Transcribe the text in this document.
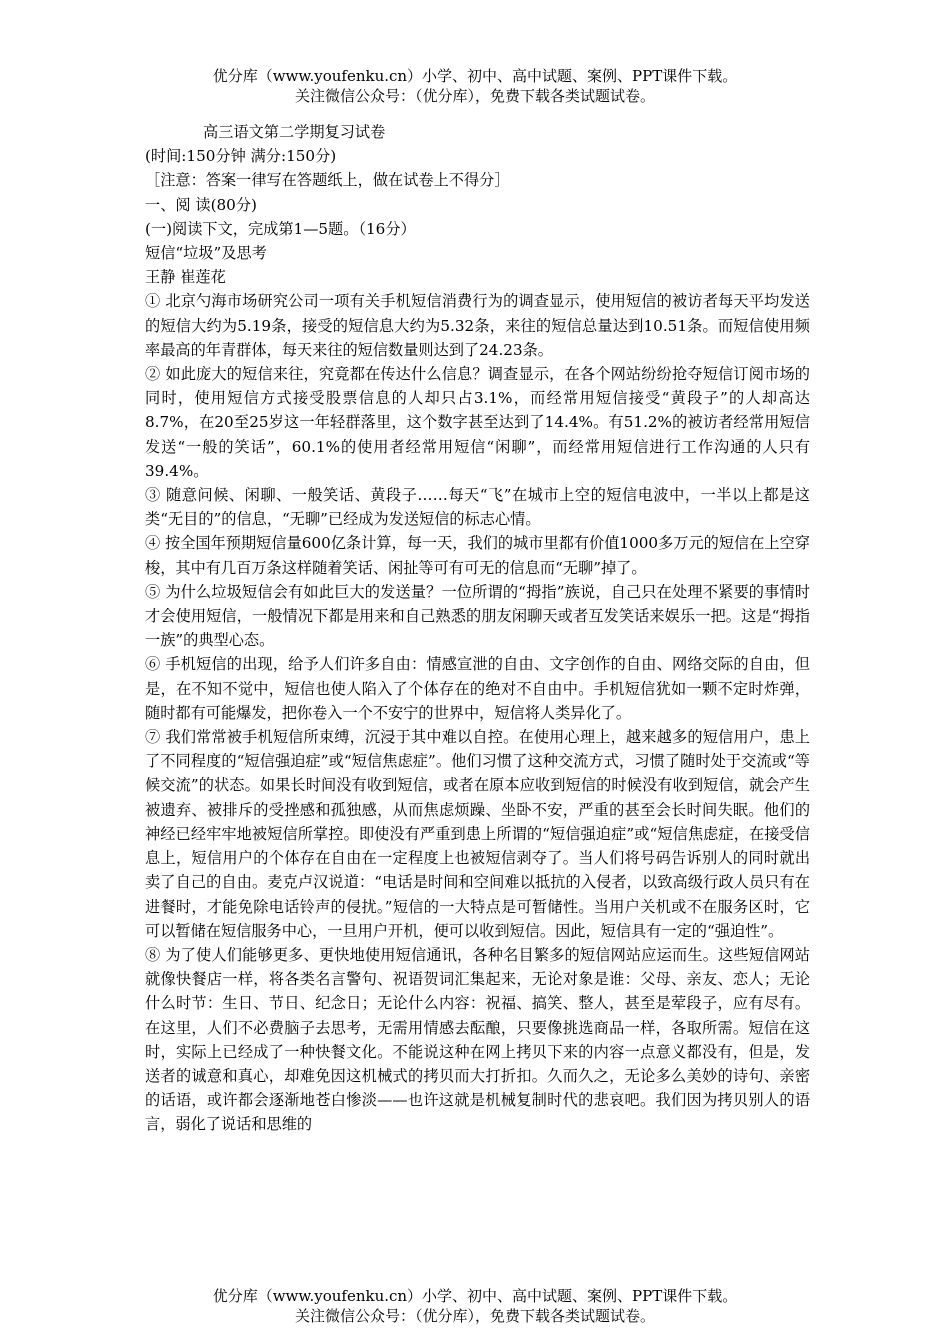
优分库（www.youfenku.cn）小学、初中、高中试题、案例、PPT课件下载。
关注微信公众号：（优分库），免费下载各类试题试卷。

高三语文第二学期复习试卷

(时间:150分钟 满分:150分)

［注意：答案一律写在答题纸上，做在试卷上不得分］

一、阅 读(80分)

(一)阅读下文，完成第1—5题。（16分）

短信“垃圾”及思考

王静 崔莲花

① 北京勺海市场研究公司一项有关手机短信消费行为的调查显示，使用短信的被访者每天平均发送的短信大约为5.19条，接受的短信息大约为5.32条，来往的短信总量达到10.51条。而短信使用频率最高的年青群体，每天来往的短信数量则达到了24.23条。

② 如此庞大的短信来往，究竟都在传达什么信息？调查显示，在各个网站纷纷抢夺短信订阅市场的同时，使用短信方式接受股票信息的人却只占3.1%，而经常用短信接受“黄段子”的人却高达8.7%，在20至25岁这一年轻群落里，这个数字甚至达到了14.4%。有51.2%的被访者经常用短信发送“一般的笑话”，60.1%的使用者经常用短信“闲聊”，而经常用短信进行工作沟通的人只有39.4%。

③ 随意问候、闲聊、一般笑话、黄段子……每天“飞”在城市上空的短信电波中，一半以上都是这类“无目的”的信息，“无聊”已经成为发送短信的标志心情。

④ 按全国年预期短信量600亿条计算，每一天，我们的城市里都有价值1000多万元的短信在上空穿梭，其中有几百万条这样随着笑话、闲扯等可有可无的信息而“无聊”掉了。

⑤ 为什么垃圾短信会有如此巨大的发送量？一位所谓的“拇指”族说，自己只在处理不紧要的事情时才会使用短信，一般情况下都是用来和自己熟悉的朋友闲聊天或者互发笑话来娱乐一把。这是“拇指一族”的典型心态。

⑥ 手机短信的出现，给予人们许多自由：情感宣泄的自由、文字创作的自由、网络交际的自由，但是，在不知不觉中，短信也使人陷入了个体存在的绝对不自由中。手机短信犹如一颗不定时炸弹，随时都有可能爆发，把你卷入一个不安宁的世界中，短信将人类异化了。

⑦ 我们常常被手机短信所束缚，沉浸于其中难以自控。在使用心理上，越来越多的短信用户，患上了不同程度的“短信强迫症”或“短信焦虑症”。他们习惯了这种交流方式，习惯了随时处于交流或“等候交流”的状态。如果长时间没有收到短信，或者在原本应收到短信的时候没有收到短信，就会产生被遗弃、被排斥的受挫感和孤独感，从而焦虑烦躁、坐卧不安，严重的甚至会长时间失眠。他们的神经已经牢牢地被短信所掌控。即使没有严重到患上所谓的“短信强迫症”或“短信焦虑症，在接受信息上，短信用户的个体存在自由在一定程度上也被短信剥夺了。当人们将号码告诉别人的同时就出卖了自己的自由。麦克卢汉说道：“电话是时间和空间难以抵抗的入侵者，以致高级行政人员只有在进餐时，才能免除电话铃声的侵扰。”短信的一大特点是可暂储性。当用户关机或不在服务区时，它可以暂储在短信服务中心，一旦用户开机，便可以收到短信。因此，短信具有一定的“强迫性”。

⑧ 为了使人们能够更多、更快地使用短信通讯，各种名目繁多的短信网站应运而生。这些短信网站就像快餐店一样，将各类名言警句、祝语贺词汇集起来，无论对象是谁：父母、亲友、恋人；无论什么时节：生日、节日、纪念日；无论什么内容：祝福、搞笑、整人，甚至是荤段子，应有尽有。在这里，人们不必费脑子去思考，无需用情感去酝酿，只要像挑选商品一样，各取所需。短信在这时，实际上已经成了一种快餐文化。不能说这种在网上拷贝下来的内容一点意义都没有，但是，发送者的诚意和真心，却难免因这机械式的拷贝而大打折扣。久而久之，无论多么美妙的诗句、亲密的话语，或许都会逐渐地苍白惨淡——也许这就是机械复制时代的悲哀吧。我们因为拷贝别人的语言，弱化了说话和思维的

优分库（www.youfenku.cn）小学、初中、高中试题、案例、PPT课件下载。
关注微信公众号：（优分库），免费下载各类试题试卷。
